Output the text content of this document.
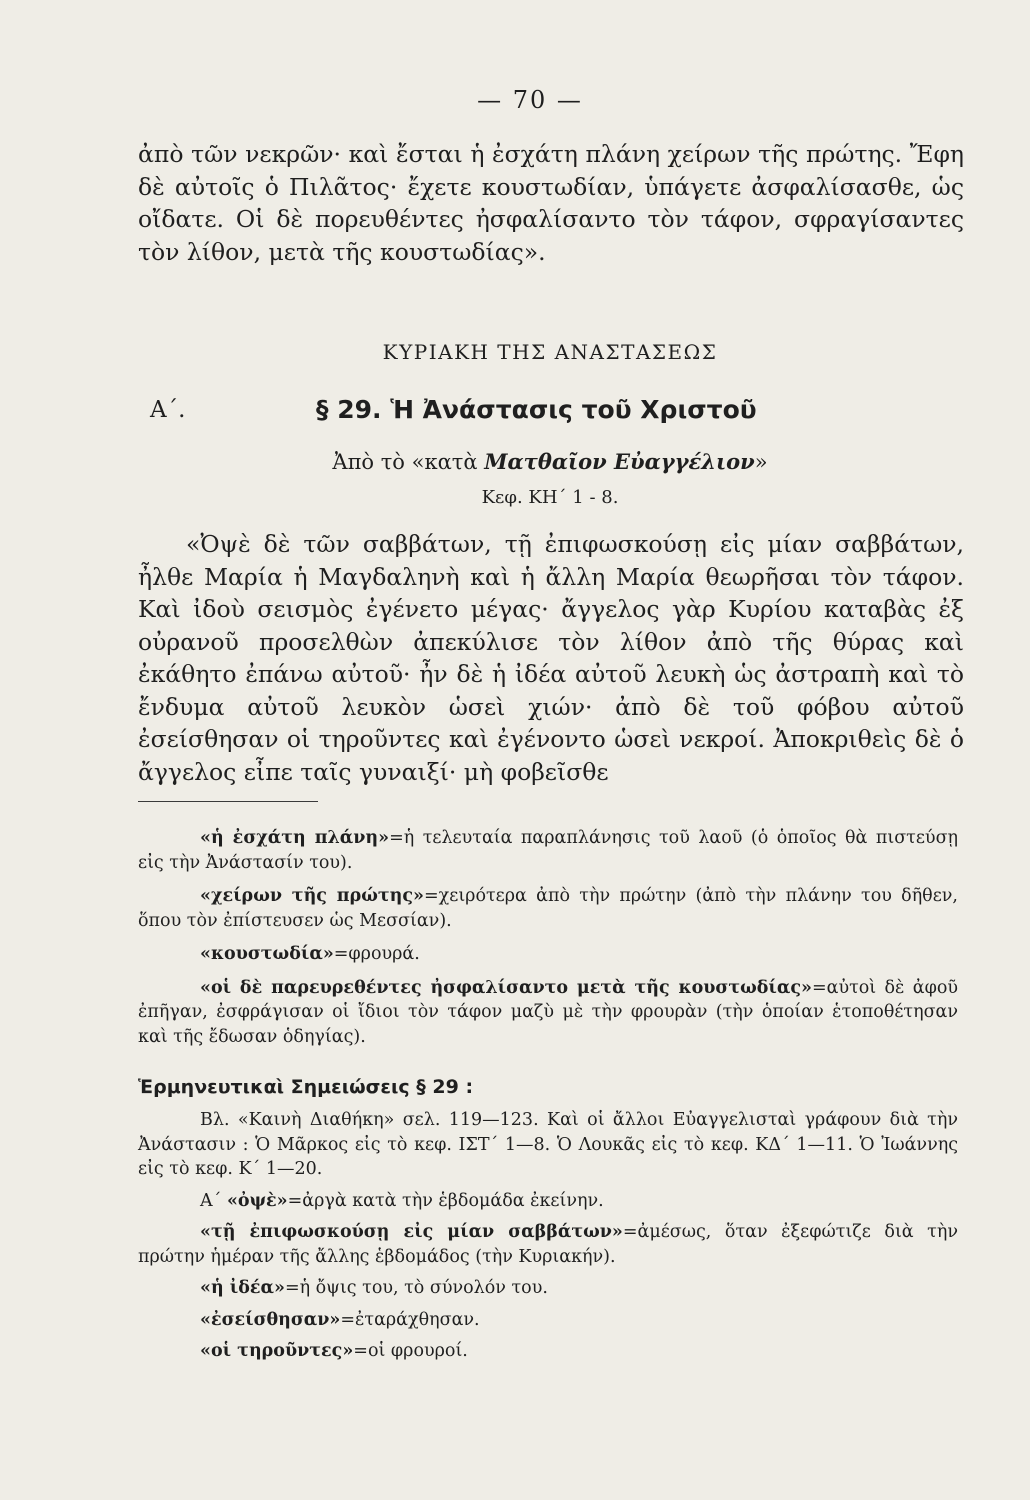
— 70 —

ἀπὸ τῶν νεκρῶν· καὶ ἔσται ἡ ἐσχάτη πλάνη χείρων τῆς πρώτης. Ἔφη δὲ αὐτοῖς ὁ Πιλᾶτος· ἔχετε κουστωδίαν, ὑπάγετε ἀσφαλίσασθε, ὡς οἴδατε. Οἱ δὲ πορευθέντες ἠσφαλίσαντο τὸν τάφον, σφραγίσαντες τὸν λίθον, μετὰ τῆς κουστωδίας».

ΚΥΡΙΑΚΗ ΤΗΣ ΑΝΑΣΤΑΣΕΩΣ
Α΄.	§ 29. Ἡ Ἀνάστασις τοῦ Χριστοῦ
Ἀπὸ τὸ «κατὰ Ματθαῖον Εὐαγγέλιον»
Κεφ. ΚΗ΄ 1 - 8.

«Ὀψὲ δὲ τῶν σαββάτων, τῇ ἐπιφωσκούσῃ εἰς μίαν σαββάτων, ἦλθε Μαρία ἡ Μαγδαληνὴ καὶ ἡ ἄλλη Μαρία θεωρῆσαι τὸν τάφον. Καὶ ἰδοὺ σεισμὸς ἐγένετο μέγας· ἄγγελος γὰρ Κυρίου καταβὰς ἐξ οὐρανοῦ προσελθὼν ἀπεκύλισε τὸν λίθον ἀπὸ τῆς θύρας καὶ ἐκάθητο ἐπάνω αὐτοῦ· ἦν δὲ ἡ ἰδέα αὐτοῦ λευκὴ ὡς ἀστραπὴ καὶ τὸ ἔνδυμα αὐτοῦ λευκὸν ὡσεὶ χιών· ἀπὸ δὲ τοῦ φόβου αὐτοῦ ἐσείσθησαν οἱ τηροῦντες καὶ ἐγένοντο ὡσεὶ νεκροί. Ἀποκριθεὶς δὲ ὁ ἄγγελος εἶπε ταῖς γυναιξί· μὴ φοβεῖσθε

«ἡ ἐσχάτη πλάνη»=ἡ τελευταία παραπλάνησις τοῦ λαοῦ (ὁ ὁποῖος θὰ πιστεύσῃ εἰς τὴν Ἀνάστασίν του).

«χείρων τῆς πρώτης»=χειρότερα ἀπὸ τὴν πρώτην (ἀπὸ τὴν πλάνην του δῆθεν, ὅπου τὸν ἐπίστευσεν ὡς Μεσσίαν).

«κουστωδία»=φρουρά.

«οἱ δὲ παρευρεθέντες ἠσφαλίσαντο μετὰ τῆς κουστωδίας»=αὐτοὶ δὲ ἀφοῦ ἐπῆγαν, ἐσφράγισαν οἱ ἴδιοι τὸν τάφον μαζὺ μὲ τὴν φρουρὰν (τὴν ὁποίαν ἑτοποθέτησαν καὶ τῆς ἔδωσαν ὁδηγίας).

Ἑρμηνευτικαὶ Σημειώσεις § 29 :

Βλ. «Καινὴ Διαθήκη» σελ. 119—123. Καὶ οἱ ἄλλοι Εὐαγγελισταὶ γράφουν διὰ τὴν Ἀνάστασιν : Ὁ Μᾶρκος εἰς τὸ κεφ. ΙΣΤ΄ 1—8. Ὁ Λουκᾶς εἰς τὸ κεφ. ΚΔ΄ 1—11. Ὁ Ἰωάννης εἰς τὸ κεφ. Κ΄ 1—20.

Α΄ «ὀψὲ»=ἀργὰ κατὰ τὴν ἑβδομάδα ἐκείνην.

«τῇ ἐπιφωσκούσῃ εἰς μίαν σαββάτων»=ἀμέσως, ὅταν ἐξεφώτιζε διὰ τὴν πρώτην ἡμέραν τῆς ἄλλης ἑβδομάδος (τὴν Κυριακήν).

«ἡ ἰδέα»=ἡ ὄψις του, τὸ σύνολόν του.

«ἐσείσθησαν»=ἐταράχθησαν.

«οἱ τηροῦντες»=οἱ φρουροί.
